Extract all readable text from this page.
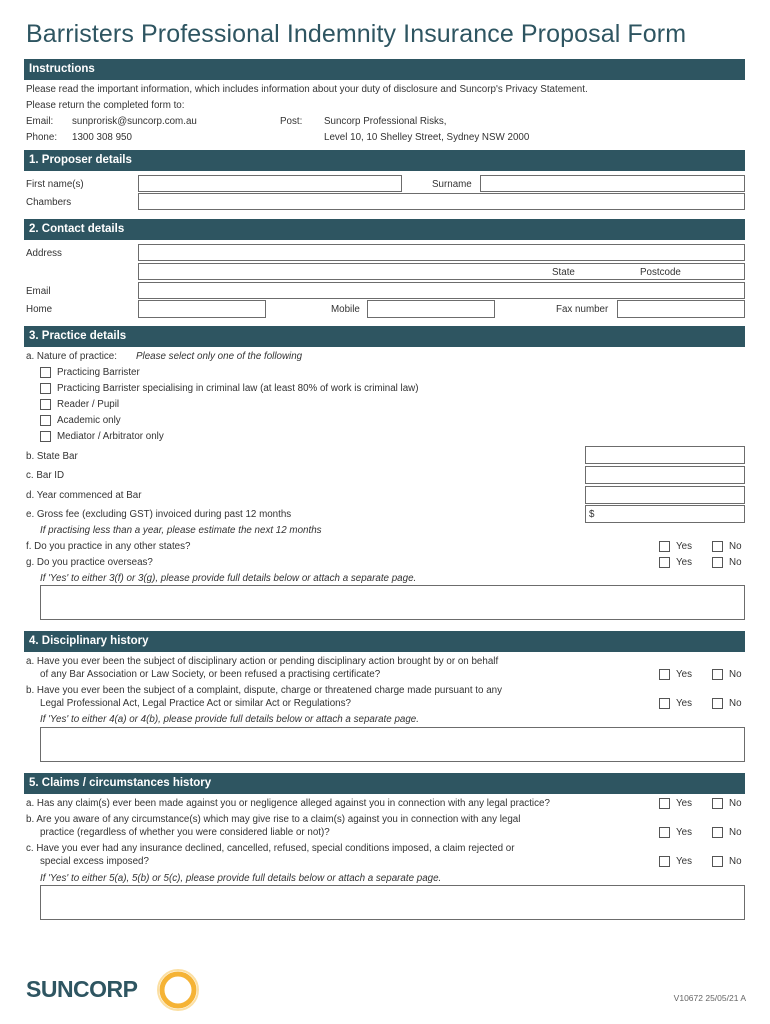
Barristers Professional Indemnity Insurance Proposal Form
Instructions
Please read the important information, which includes information about your duty of disclosure and Suncorp's Privacy Statement.
Please return the completed form to:
Email: sunprorisk@suncorp.com.au	Post: Suncorp Professional Risks,
Phone: 1300 308 950	Level 10, 10 Shelley Street, Sydney NSW 2000
1. Proposer details
First name(s)	Surname
Chambers
2. Contact details
Address
State	Postcode
Email
Home	Mobile	Fax number
3. Practice details
a. Nature of practice: Please select only one of the following
Practicing Barrister
Practicing Barrister specialising in criminal law (at least 80% of work is criminal law)
Reader / Pupil
Academic only
Mediator / Arbitrator only
b. State Bar
c. Bar ID
d. Year commenced at Bar
e. Gross fee (excluding GST) invoiced during past 12 months	$
If practising less than a year, please estimate the next 12 months
f. Do you practice in any other states?	Yes	No
g. Do you practice overseas?	Yes	No
If 'Yes' to either 3(f) or 3(g), please provide full details below or attach a separate page.
4. Disciplinary history
a. Have you ever been the subject of disciplinary action or pending disciplinary action brought by or on behalf
of any Bar Association or Law Society, or been refused a practising certificate?	Yes	No
b. Have you ever been the subject of a complaint, dispute, charge or threatened charge made pursuant to any
Legal Professional Act, Legal Practice Act or similar Act or Regulations?	Yes	No
If 'Yes' to either 4(a) or 4(b), please provide full details below or attach a separate page.
5. Claims / circumstances history
a. Has any claim(s) ever been made against you or negligence alleged against you in connection with any legal practice?	Yes	No
b. Are you aware of any circumstance(s) which may give rise to a claim(s) against you in connection with any legal
practice (regardless of whether you were considered liable or not)?	Yes	No
c. Have you ever had any insurance declined, cancelled, refused, special conditions imposed, a claim rejected or
special excess imposed?	Yes	No
If 'Yes' to either 5(a), 5(b) or 5(c), please provide full details below or attach a separate page.
SUNCORP	V10672 25/05/21 A
